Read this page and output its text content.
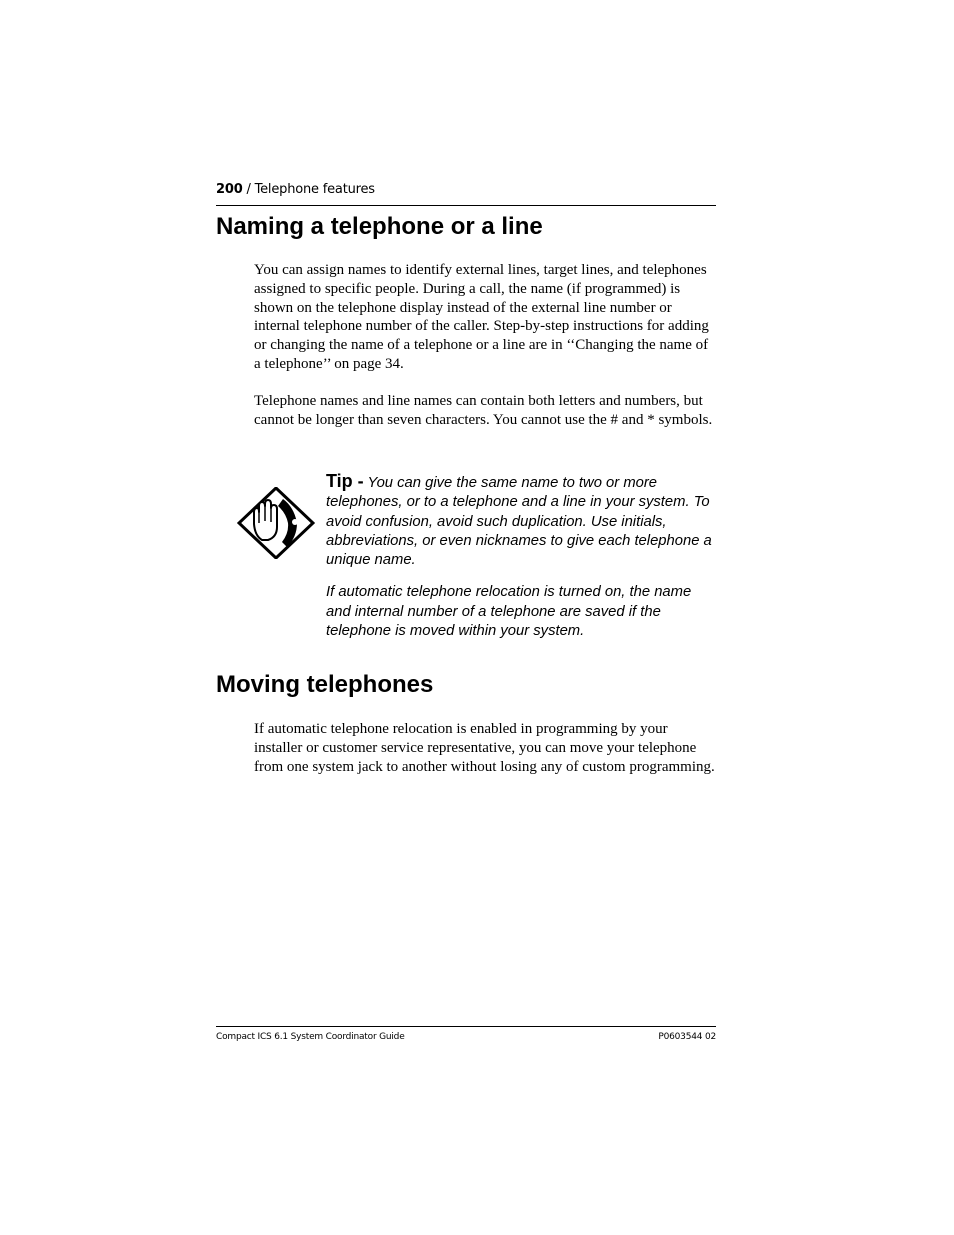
200 / Telephone features
Naming a telephone or a line

You can assign names to identify external lines, target lines, and telephones assigned to specific people. During a call, the name (if programmed) is shown on the telephone display instead of the external line number or internal telephone number of the caller. Step-by-step instructions for adding or changing the name of a telephone or a line are in ‘‘Changing the name of a telephone’’ on page 34.

Telephone names and line names can contain both letters and numbers, but cannot be longer than seven characters. You cannot use the # and * symbols.

Tip - You can give the same name to two or more telephones, or to a telephone and a line in your system. To avoid confusion, avoid such duplication. Use initials, abbreviations, or even nicknames to give each telephone a unique name.

If automatic telephone relocation is turned on, the name and internal number of a telephone are saved if the telephone is moved within your system.

Moving telephones

If automatic telephone relocation is enabled in programming by your installer or customer service representative, you can move your telephone from one system jack to another without losing any of custom programming.

Compact ICS 6.1 System Coordinator Guide	P0603544 02
